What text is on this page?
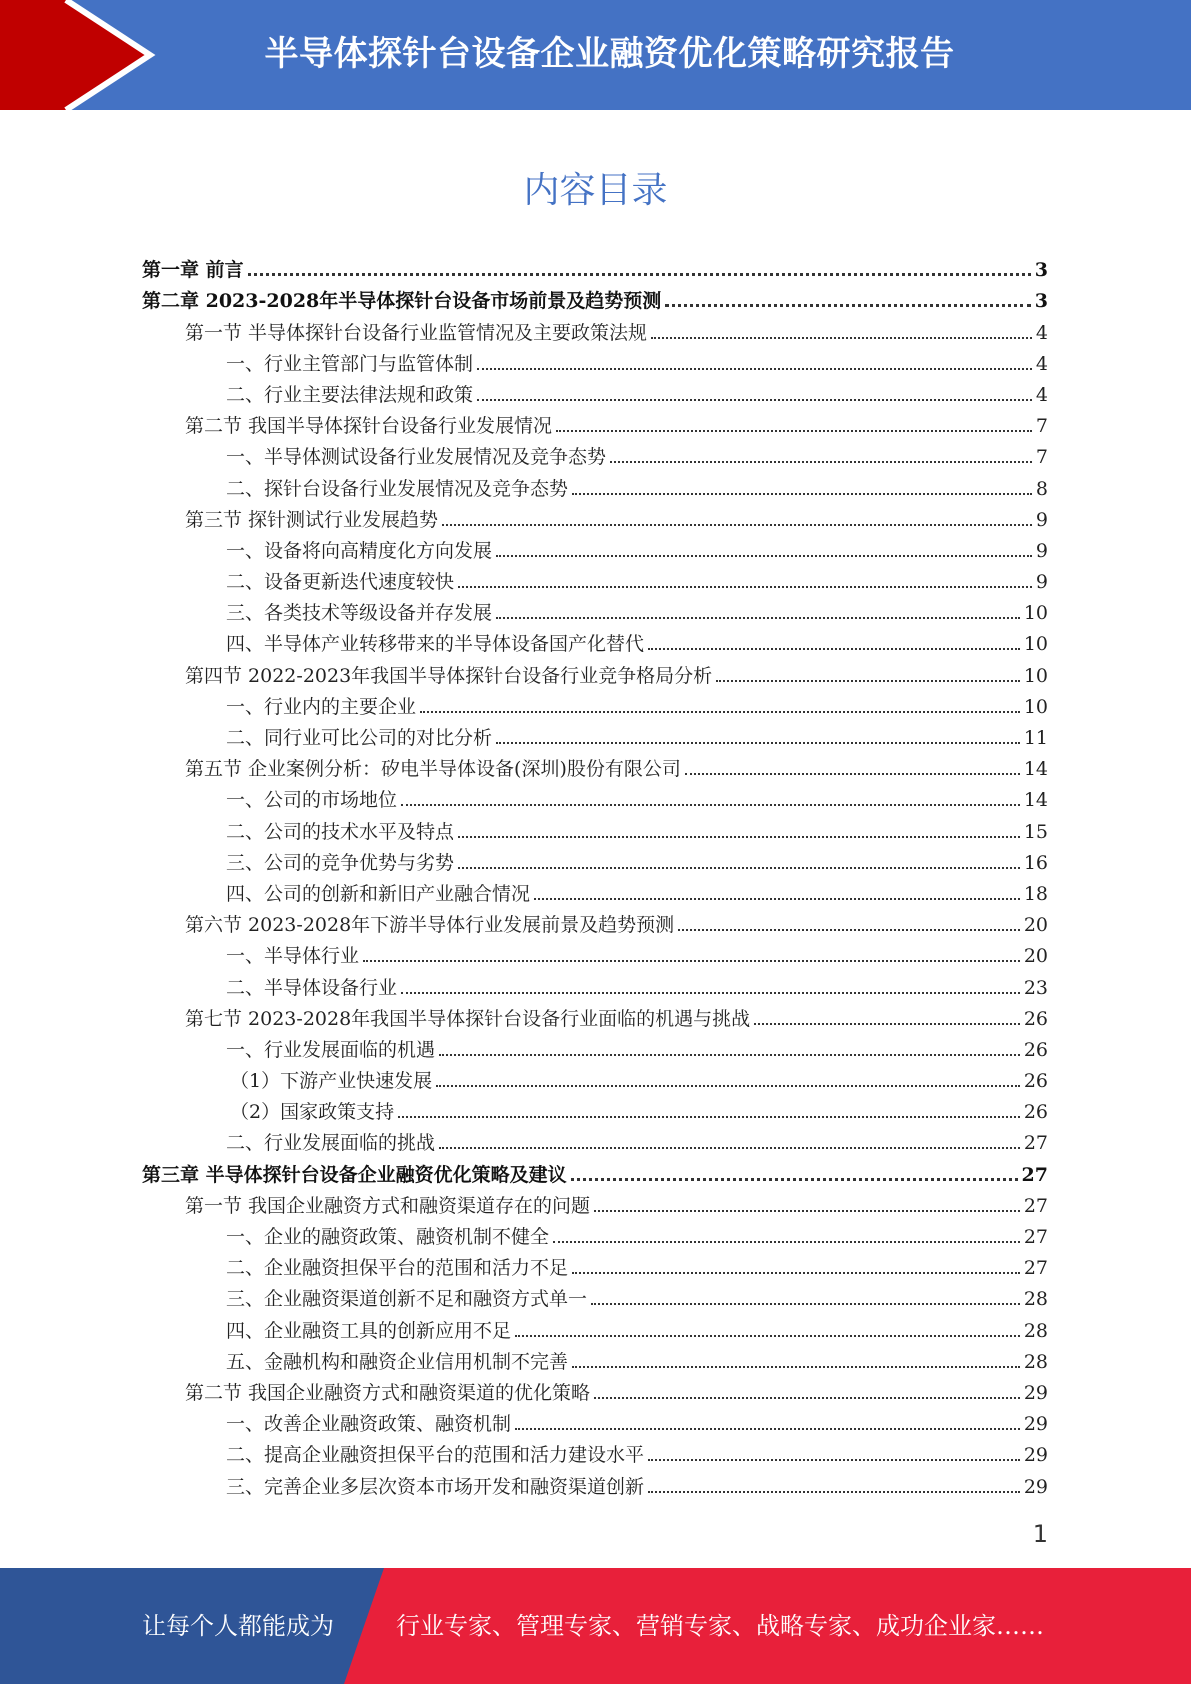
半导体探针台设备企业融资优化策略研究报告
内容目录
第一章 前言	3
第二章 2023-2028年半导体探针台设备市场前景及趋势预测	3
第一节 半导体探针台设备行业监管情况及主要政策法规	4
一、行业主管部门与监管体制	4
二、行业主要法律法规和政策	4
第二节 我国半导体探针台设备行业发展情况	7
一、半导体测试设备行业发展情况及竞争态势	7
二、探针台设备行业发展情况及竞争态势	8
第三节 探针测试行业发展趋势	9
一、设备将向高精度化方向发展	9
二、设备更新迭代速度较快	9
三、各类技术等级设备并存发展	10
四、半导体产业转移带来的半导体设备国产化替代	10
第四节 2022-2023年我国半导体探针台设备行业竞争格局分析	10
一、行业内的主要企业	10
二、同行业可比公司的对比分析	11
第五节 企业案例分析：矽电半导体设备(深圳)股份有限公司	14
一、公司的市场地位	14
二、公司的技术水平及特点	15
三、公司的竞争优势与劣势	16
四、公司的创新和新旧产业融合情况	18
第六节 2023-2028年下游半导体行业发展前景及趋势预测	20
一、半导体行业	20
二、半导体设备行业	23
第七节 2023-2028年我国半导体探针台设备行业面临的机遇与挑战	26
一、行业发展面临的机遇	26
（1）下游产业快速发展	26
（2）国家政策支持	26
二、行业发展面临的挑战	27
第三章 半导体探针台设备企业融资优化策略及建议	27
第一节 我国企业融资方式和融资渠道存在的问题	27
一、企业的融资政策、融资机制不健全	27
二、企业融资担保平台的范围和活力不足	27
三、企业融资渠道创新不足和融资方式单一	28
四、企业融资工具的创新应用不足	28
五、金融机构和融资企业信用机制不完善	28
第二节 我国企业融资方式和融资渠道的优化策略	29
一、改善企业融资政策、融资机制	29
二、提高企业融资担保平台的范围和活力建设水平	29
三、完善企业多层次资本市场开发和融资渠道创新	29
1
让每个人都能成为	行业专家、管理专家、营销专家、战略专家、成功企业家……
